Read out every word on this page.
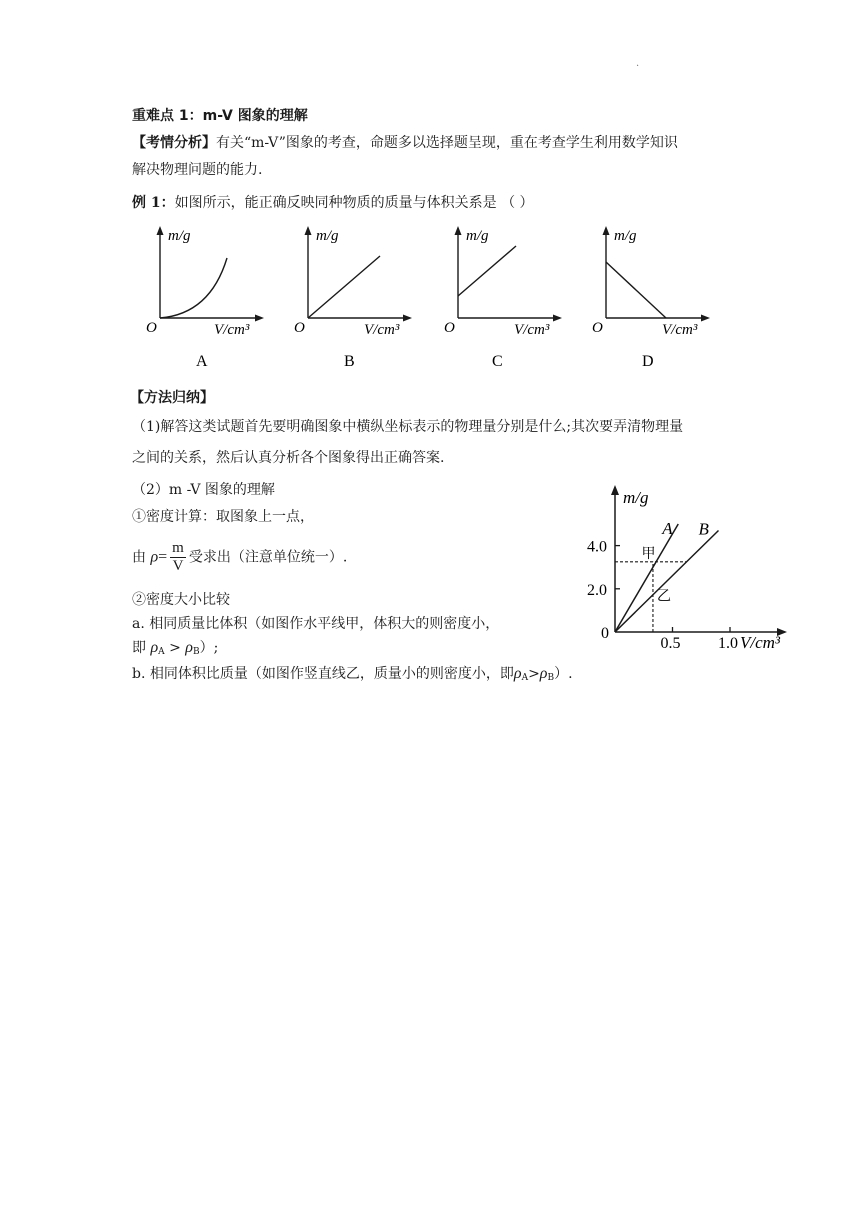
.
重难点 1：m-V 图象的理解
【考情分析】有关“m-V”图象的考查，命题多以选择题呈现，重在考查学生利用数学知识
解决物理问题的能力.
例 1：如图所示，能正确反映同种物质的质量与体积关系是 （ ）
m/g
O	V/cm³
A
m/g
O	V/cm³
B
m/g
O	V/cm³
C
m/g
O	V/cm³
D
【方法归纳】
（1)解答这类试题首先要明确图象中横纵坐标表示的物理量分别是什么;其次要弄清物理量
之间的关系，然后认真分析各个图象得出正确答案.
（2）m -V 图象的理解
①密度计算：取图象上一点，
由 $\rho= \frac{m}{V}$ 受求出（注意单位统一）.
②密度大小比较
a. 相同质量比体积（如图作水平线甲，体积大的则密度小，
即 $\rho_A > \rho_B$）;
b. 相同体积比质量（如图作竖直线乙，质量小的则密度小，即$\rho_A>\rho_B$）.
m/g
V/cm³
0
0.5 1.0
2.0
4.0 甲
乙
A B
